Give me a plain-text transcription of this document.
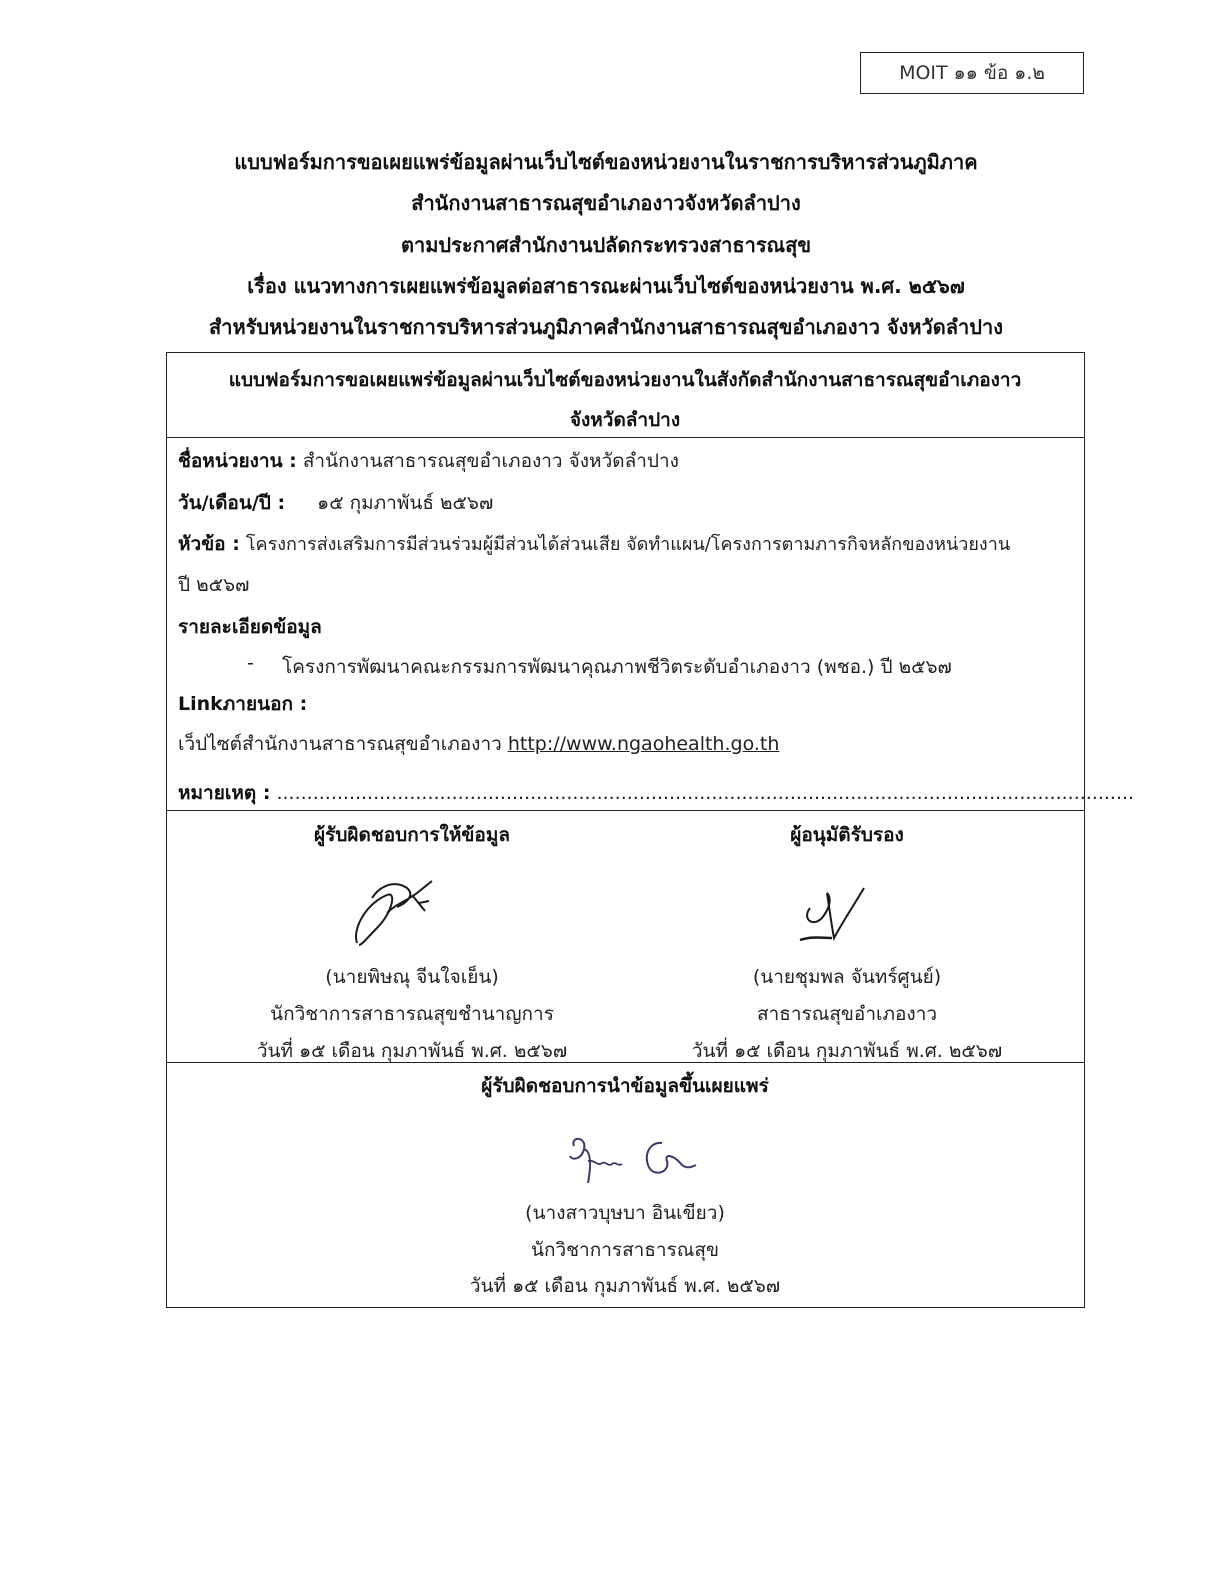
MOIT ๑๑ ข้อ ๑.๒
แบบฟอร์มการขอเผยแพร่ข้อมูลผ่านเว็บไซต์ของหน่วยงานในราชการบริหารส่วนภูมิภาค
สำนักงานสาธารณสุขอำเภองาวจังหวัดลำปาง
ตามประกาศสำนักงานปลัดกระทรวงสาธารณสุข
เรื่อง แนวทางการเผยแพร่ข้อมูลต่อสาธารณะผ่านเว็บไซต์ของหน่วยงาน พ.ศ. ๒๕๖๗
สำหรับหน่วยงานในราชการบริหารส่วนภูมิภาคสำนักงานสาธารณสุขอำเภองาว จังหวัดลำปาง
แบบฟอร์มการขอเผยแพร่ข้อมูลผ่านเว็บไซต์ของหน่วยงานในสังกัดสำนักงานสาธารณสุขอำเภองาว
จังหวัดลำปาง
ชื่อหน่วยงาน : สำนักงานสาธารณสุขอำเภองาว จังหวัดลำปาง
วัน/เดือน/ปี : ๑๕ กุมภาพันธ์ ๒๕๖๗
หัวข้อ : โครงการส่งเสริมการมีส่วนร่วมผู้มีส่วนได้ส่วนเสีย จัดทำแผน/โครงการตามภารกิจหลักของหน่วยงาน
ปี ๒๕๖๗
รายละเอียดข้อมูล
- โครงการพัฒนาคณะกรรมการพัฒนาคุณภาพชีวิตระดับอำเภองาว (พชอ.) ปี ๒๕๖๗
Linkภายนอก :
เว็ปไซต์สำนักงานสาธารณสุขอำเภองาว http://www.ngaohealth.go.th
หมายเหตุ : ..............................................................................................................................................
ผู้รับผิดชอบการให้ข้อมูล
(นายพิษณุ จีนใจเย็น)
นักวิชาการสาธารณสุขชำนาญการ
วันที่ ๑๕ เดือน กุมภาพันธ์ พ.ศ. ๒๕๖๗
ผู้อนุมัติรับรอง
(นายชุมพล จันทร์ศูนย์)
สาธารณสุขอำเภองาว
วันที่ ๑๕ เดือน กุมภาพันธ์ พ.ศ. ๒๕๖๗
ผู้รับผิดชอบการนำข้อมูลขึ้นเผยแพร่
(นางสาวบุษบา อินเขียว)
นักวิชาการสาธารณสุข
วันที่ ๑๕ เดือน กุมภาพันธ์ พ.ศ. ๒๕๖๗
